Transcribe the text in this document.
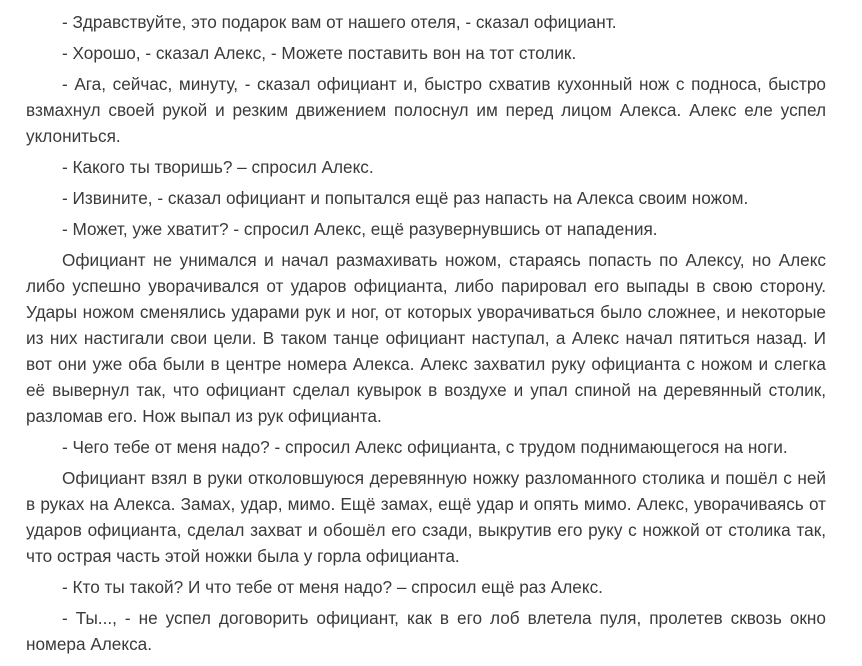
- Здравствуйте, это подарок вам от нашего отеля, - сказал официант.

- Хорошо, - сказал Алекс, - Можете поставить вон на тот столик.

- Ага, сейчас, минуту, - сказал официант и, быстро схватив кухонный нож с подноса, быстро взмахнул своей рукой и резким движением полоснул им перед лицом Алекса. Алекс еле успел уклониться.

- Какого ты творишь? – спросил Алекс.

- Извините, - сказал официант и попытался ещё раз напасть на Алекса своим ножом.

- Может, уже хватит? - спросил Алекс, ещё разувернувшись от нападения.

Официант не унимался и начал размахивать ножом, стараясь попасть по Алексу, но Алекс либо успешно уворачивался от ударов официанта, либо парировал его выпады в свою сторону. Удары ножом сменялись ударами рук и ног, от которых уворачиваться было сложнее, и некоторые из них настигали свои цели. В таком танце официант наступал, а Алекс начал пятиться назад. И вот они уже оба были в центре номера Алекса. Алекс захватил руку официанта с ножом и слегка её вывернул так, что официант сделал кувырок в воздухе и упал спиной на деревянный столик, разломав его. Нож выпал из рук официанта.

- Чего тебе от меня надо? - спросил Алекс официанта, с трудом поднимающегося на ноги.

Официант взял в руки отколовшуюся деревянную ножку разломанного столика и пошёл с ней в руках на Алекса. Замах, удар, мимо. Ещё замах, ещё удар и опять мимо. Алекс, уворачиваясь от ударов официанта, сделал захват и обошёл его сзади, выкрутив его руку с ножкой от столика так, что острая часть этой ножки была у горла официанта.

- Кто ты такой? И что тебе от меня надо? – спросил ещё раз Алекс.

- Ты..., - не успел договорить официант, как в его лоб влетела пуля, пролетев сквозь окно номера Алекса.
